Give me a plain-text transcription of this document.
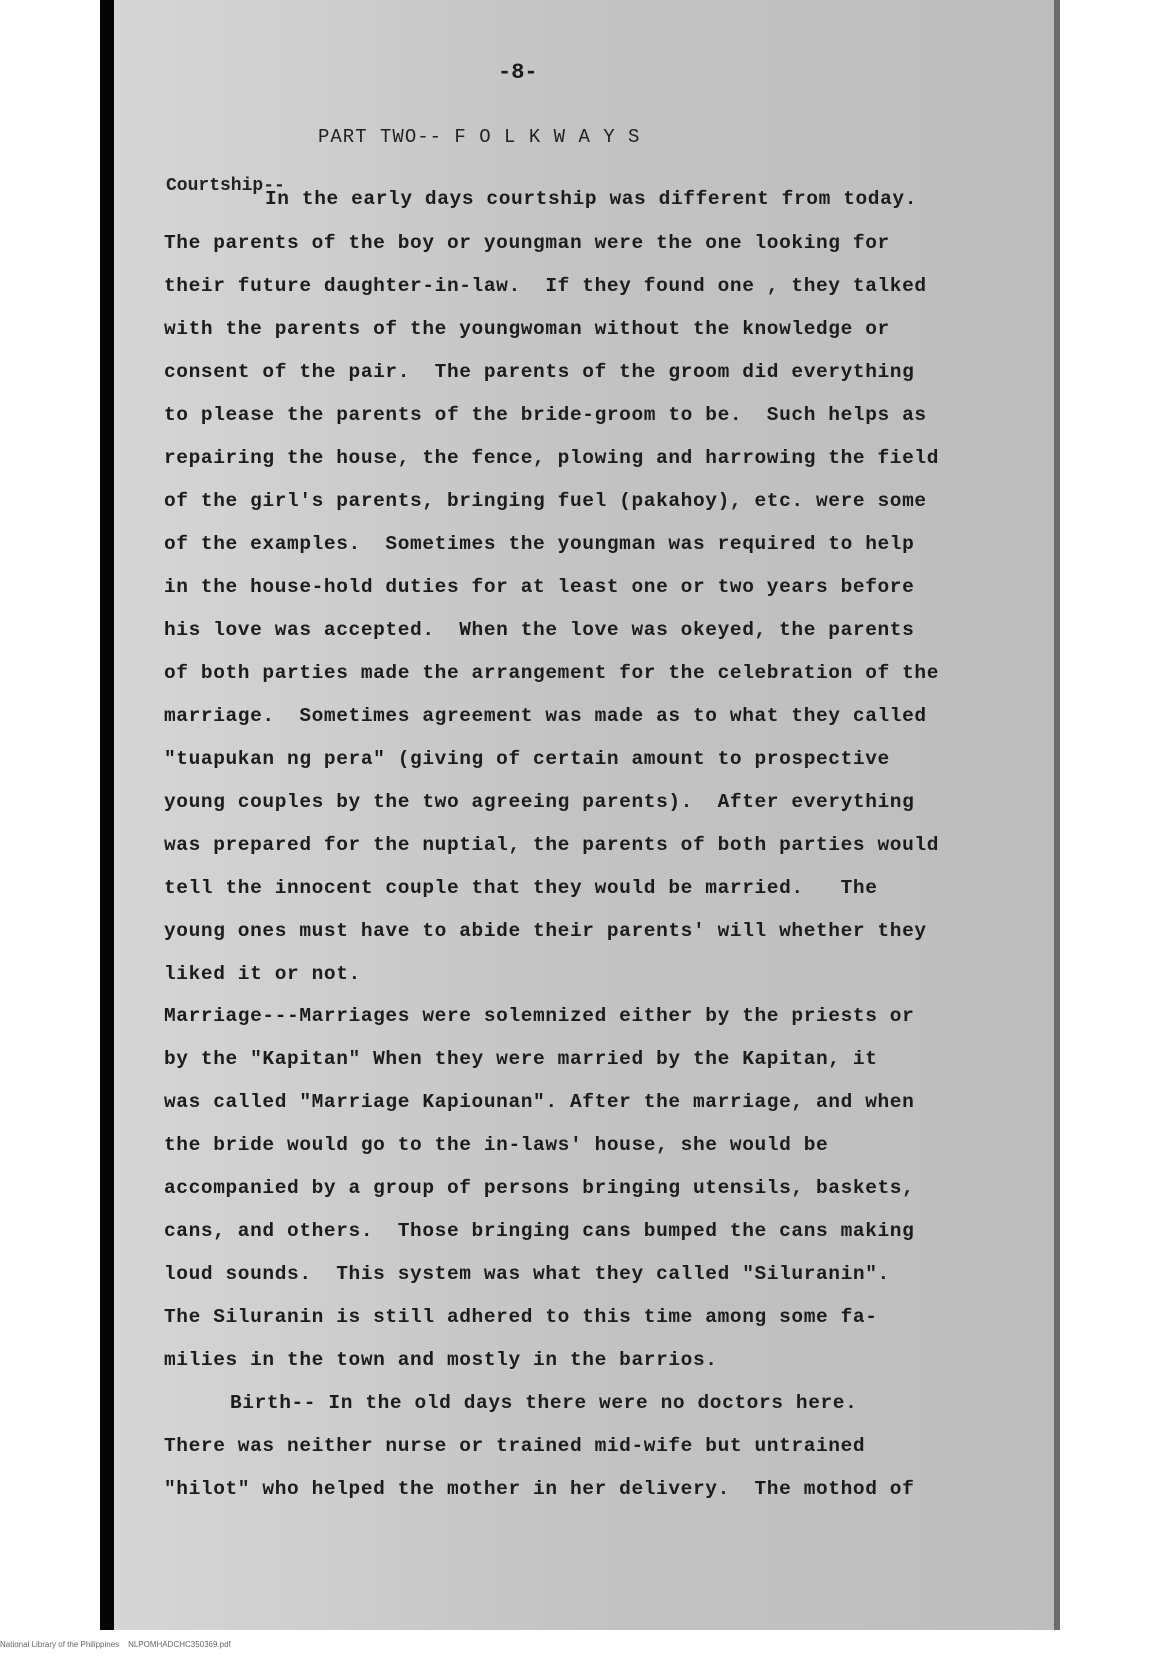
-8-
PART TWO-- F O L K W A Y S
Courtship--
In the early days courtship was different from today.
The parents of the boy or youngman were the one looking for
their future daughter-in-law.  If they found one , they talked
with the parents of the youngwoman without the knowledge or
consent of the pair.  The parents of the groom did everything
to please the parents of the bride-groom to be.  Such helps as
repairing the house, the fence, plowing and harrowing the field
of the girl's parents, bringing fuel (pakahoy), etc. were some
of the examples.  Sometimes the youngman was required to help
in the house-hold duties for at least one or two years before
his love was accepted.  When the love was okeyed, the parents
of both parties made the arrangement for the celebration of the
marriage.  Sometimes agreement was made as to what they called
"tuapukan ng pera" (giving of certain amount to prospective
young couples by the two agreeing parents).  After everything
was prepared for the nuptial, the parents of both parties would
tell the innocent couple that they would be married.   The
young ones must have to abide their parents' will whether they
liked it or not.
Marriage---Marriages were solemnized either by the priests or
by the "Kapitan" When they were married by the Kapitan, it
was called "Marriage Kapiounan". After the marriage, and when
the bride would go to the in-laws' house, she would be
accompanied by a group of persons bringing utensils, baskets,
cans, and others.  Those bringing cans bumped the cans making
loud sounds.  This system was what they called "Siluranin".
The Siluranin is still adhered to this time among some fa-
milies in the town and mostly in the barrios.
Birth-- In the old days there were no doctors here.
There was neither nurse or trained mid-wife but untrained
"hilot" who helped the mother in her delivery.  The mothod of
National Library of the Philippines    NLPOMHADCHC350369.pdf
